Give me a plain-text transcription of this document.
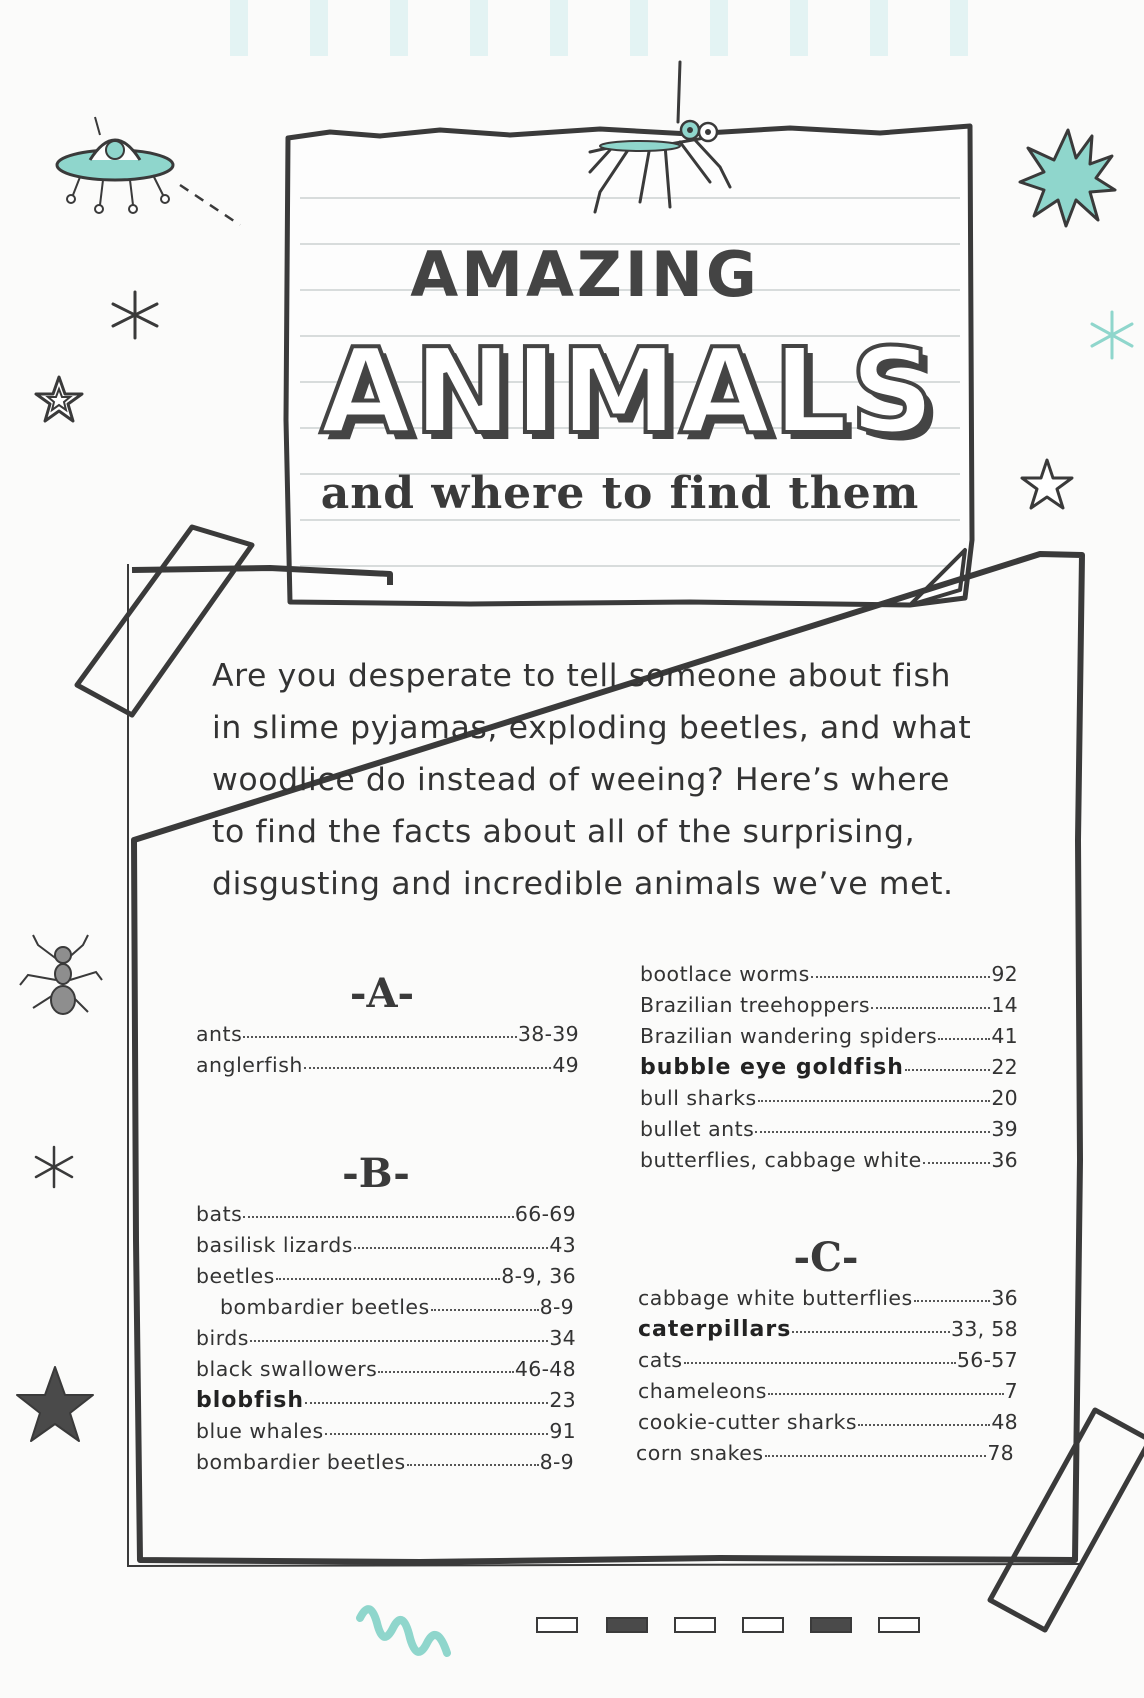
AMAZING
ANIMALS
and where to find them

Are you desperate to tell someone about fish

in slime pyjamas, exploding beetles, and what

woodlice do instead of weeing? Here’s where

to find the facts about all of the surprising,

disgusting and incredible animals we’ve met.

-A-
ants	38-39
anglerfish	49
-B-
bats	66-69
basilisk lizards	43
beetles	8-9, 36
bombardier beetles	8-9
birds	34
black swallowers	46-48
blobfish	23
blue whales	91
bombardier beetles	8-9
bootlace worms	92
Brazilian treehoppers	14
Brazilian wandering spiders	41
bubble eye goldfish	22
bull sharks	20
bullet ants	39
butterflies, cabbage white	36
-C-
cabbage white butterflies	36
caterpillars	33, 58
cats	56-57
chameleons	7
cookie-cutter sharks	48
corn snakes	78
